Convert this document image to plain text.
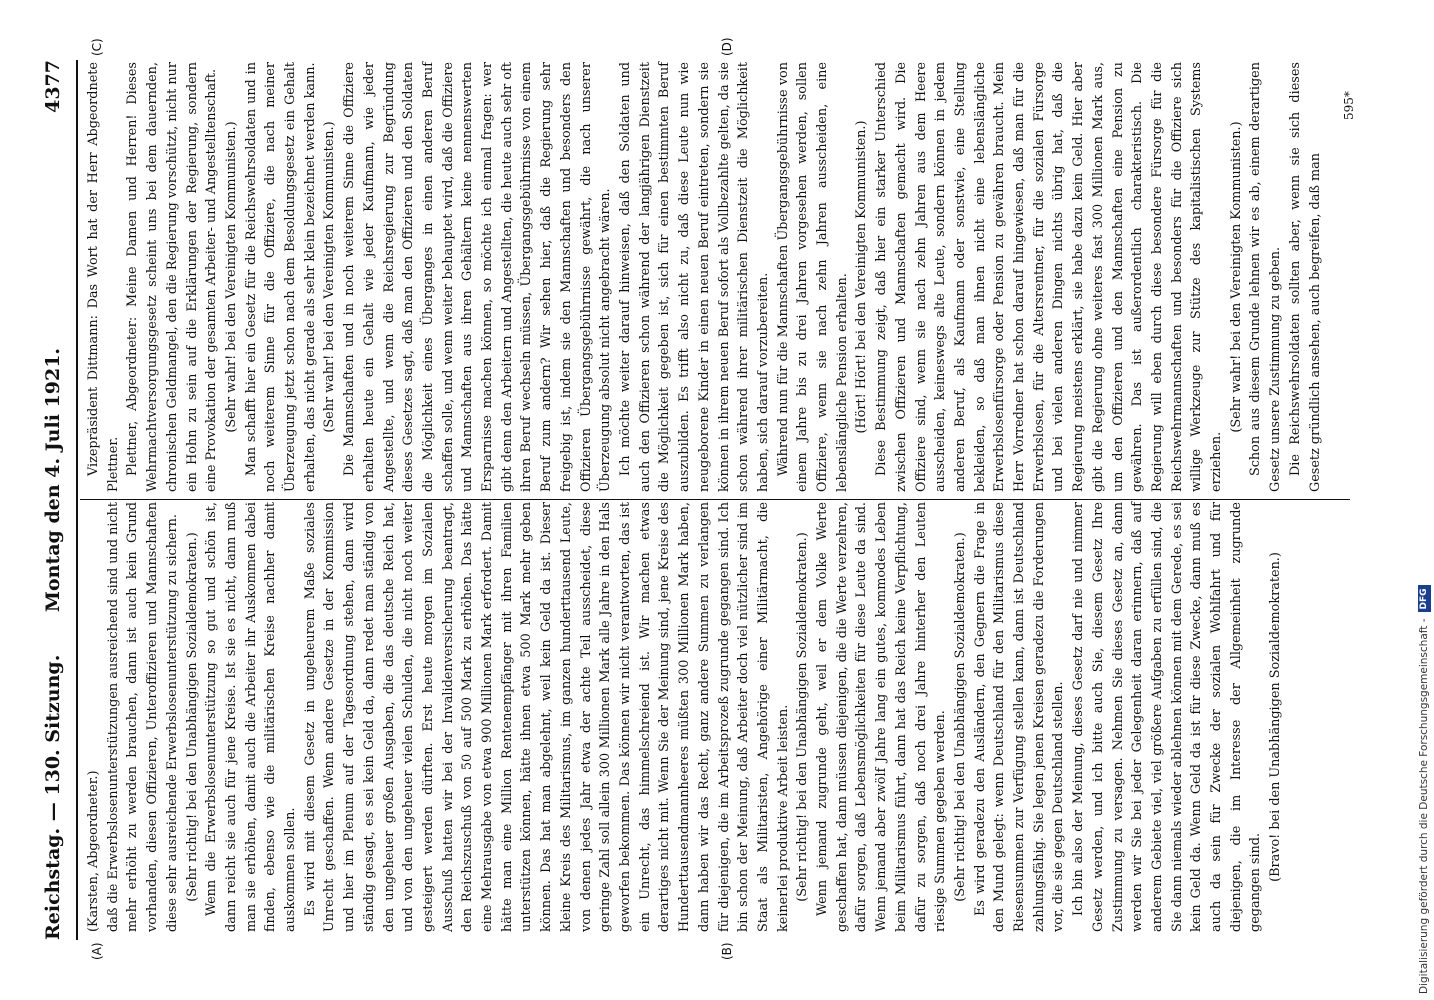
Reichstag. — 130. Sitzung.
Montag den 4. Juli 1921.
4377
(A)	(B)
(C)	(D)

(Karsten, Abgeordneter.) daß die Erwerbslosenunterstützungen ausreichend sind und nicht mehr erhöht zu werden brauchen, dann ist auch kein Grund vorhanden, diesen Offizieren, Unteroffizieren und Mannschaften diese sehr ausreichende Erwerbslosenunterstützung zu sichern. (Sehr richtig! bei den Unabhängigen Sozialdemokraten.) Wenn die Erwerbslosenunterstützung so gut und schön ist, dann reicht sie auch für jene Kreise. Ist sie es nicht, dann muß man sie erhöhen, damit auch die Arbeiter ihr Auskommen dabei finden, ebenso wie die militärischen Kreise nachher damit auskommen sollen. Es wird mit diesem Gesetz in ungeheurem Maße soziales Unrecht geschaffen. Wenn andere Gesetze in der Kommission und hier im Plenum auf der Tagesordnung stehen, dann wird ständig gesagt, es sei kein Geld da, dann redet man ständig von den ungeheuer großen Ausgaben, die das deutsche Reich hat, und von den ungeheuer vielen Schulden, die nicht noch weiter gesteigert werden dürften. Erst heute morgen im Sozialen Ausschuß hatten wir bei der Invalidenversicherung beantragt, den Reichszuschuß von 50 auf 500 Mark zu erhöhen. Das hätte eine Mehrausgabe von etwa 900 Millionen Mark erfordert. Damit hätte man eine Million Rentenempfänger mit ihren Familien unterstützen können, hätte ihnen etwa 500 Mark mehr geben können. Das hat man abgelehnt, weil kein Geld da ist. Dieser kleine Kreis des Militarismus, im ganzen hunderttausend Leute, von denen jedes Jahr etwa der achte Teil ausscheidet, diese geringe Zahl soll allein 300 Millionen Mark alle Jahre in den Hals geworfen bekommen. Das können wir nicht verantworten, das ist ein Unrecht, das himmelschreiend ist. Wir machen etwas derartiges nicht mit. Wenn Sie der Meinung sind, jene Kreise des Hunderttausendmannheeres müßten 300 Millionen Mark haben, dann haben wir das Recht, ganz andere Summen zu verlangen für diejenigen, die im Arbeitsprozeß zugrunde gegangen sind. Ich bin schon der Meinung, daß Arbeiter doch viel nützlicher sind im Staat als Militaristen, Angehörige einer Militärmacht, die keinerlei produktive Arbeit leisten. (Sehr richtig! bei den Unabhängigen Sozialdemokraten.) Wenn jemand zugrunde geht, weil er dem Volke Werte geschaffen hat, dann müssen diejenigen, die die Werte verzehren, dafür sorgen, daß Lebensmöglichkeiten für diese Leute da sind. Wenn jemand aber zwölf Jahre lang ein gutes, kommodes Leben beim Militarismus führt, dann hat das Reich keine Verpflichtung, dafür zu sorgen, daß noch drei Jahre hinterher den Leuten riesige Summen gegeben werden. (Sehr richtig! bei den Unabhängigen Sozialdemokraten.) Es wird geradezu den Ausländern, den Gegnern die Frage in den Mund gelegt: wenn Deutschland für den Militarismus diese Riesensummen zur Verfügung stellen kann, dann ist Deutschland zahlungsfähig. Sie legen jenen Kreisen geradezu die Forderungen vor, die sie gegen Deutschland stellen. Ich bin also der Meinung, dieses Gesetz darf nie und nimmer Gesetz werden, und ich bitte auch Sie, diesem Gesetz Ihre Zustimmung zu versagen. Nehmen Sie dieses Gesetz an, dann werden wir Sie bei jeder Gelegenheit daran erinnern, daß auf anderem Gebiete viel, viel größere Aufgaben zu erfüllen sind, die Sie dann niemals wieder ablehnen können mit dem Gerede, es sei kein Geld da. Wenn Geld da ist für diese Zwecke, dann muß es auch da sein für Zwecke der sozialen Wohlfahrt und für diejenigen, die im Interesse der Allgemeinheit zugrunde gegangen sind.

(Bravo! bei den Unabhängigen Sozialdemokraten.)

Vizepräsident Dittmann: Das Wort hat der Herr Abgeordnete Plettner. Plettner, Abgeordneter: Meine Damen und Herren! Dieses Wehrmachtversorgungsgesetz scheint uns bei dem dauernden, chronischen Geldmangel, den die Regierung vorschützt, nicht nur ein Hohn zu sein auf die Erklärungen der Regierung, sondern eine Provokation der gesamten Arbeiter- und Angestelltenschaft. (Sehr wahr! bei den Vereinigten Kommunisten.) Man schafft hier ein Gesetz für die Reichswehrsoldaten und in noch weiterem Sinne für die Offiziere, die nach meiner Überzeugung jetzt schon nach dem Besoldungsgesetz ein Gehalt erhalten, das nicht gerade als sehr klein bezeichnet werden kann. (Sehr wahr! bei den Vereinigten Kommunisten.) Die Mannschaften und in noch weiterem Sinne die Offiziere erhalten heute ein Gehalt wie jeder Kaufmann, wie jeder Angestellte, und wenn die Reichsregierung zur Begründung dieses Gesetzes sagt, daß man den Offizieren und den Soldaten die Möglichkeit eines Überganges in einen anderen Beruf schaffen solle, und wenn weiter behauptet wird, daß die Offiziere und Mannschaften aus ihren Gehältern keine nennenswerten Ersparnisse machen können, so möchte ich einmal fragen: wer gibt denn den Arbeitern und Angestellten, die heute auch sehr oft ihren Beruf wechseln müssen, Übergangsgebührnisse von einem Beruf zum andern? Wir sehen hier, daß die Regierung sehr freigebig ist, indem sie den Mannschaften und besonders den Offizieren Übergangsgebührnisse gewährt, die nach unserer Überzeugung absolut nicht angebracht wären. Ich möchte weiter darauf hinweisen, daß den Soldaten und auch den Offizieren schon während der langjährigen Dienstzeit die Möglichkeit gegeben ist, sich für einen bestimmten Beruf auszubilden. Es trifft also nicht zu, daß diese Leute nun wie neugeborene Kinder in einen neuen Beruf eintreten, sondern sie können in ihrem neuen Beruf sofort als Vollbezahlte gelten, da sie schon während ihrer militärischen Dienstzeit die Möglichkeit haben, sich darauf vorzubereiten. Während nun für die Mannschaften Übergangsgebührnisse von einem Jahre bis zu drei Jahren vorgesehen werden, sollen Offiziere, wenn sie nach zehn Jahren ausscheiden, eine lebenslängliche Pension erhalten. (Hört! Hört! bei den Vereinigten Kommunisten.) Diese Bestimmung zeigt, daß hier ein starker Unterschied zwischen Offizieren und Mannschaften gemacht wird. Die Offiziere sind, wenn sie nach zehn Jahren aus dem Heere ausscheiden, keineswegs alte Leute, sondern können in jedem anderen Beruf, als Kaufmann oder sonstwie, eine Stellung bekleiden, so daß man ihnen nicht eine lebenslängliche Erwerbslosenfürsorge oder Pension zu gewähren braucht. Mein Herr Vorredner hat schon darauf hingewiesen, daß man für die Erwerbslosen, für die Altersrentner, für die sozialen Fürsorge und bei vielen anderen Dingen nichts übrig hat, daß die Regierung meistens erklärt, sie habe dazu kein Geld. Hier aber gibt die Regierung ohne weiteres fast 300 Millionen Mark aus, um den Offizieren und den Mannschaften eine Pension zu gewähren. Das ist außerordentlich charakteristisch. Die Regierung will eben durch diese besondere Fürsorge für die Reichswehrmannschaften und besonders für die Offiziere sich willige Werkzeuge zur Stütze des kapitalistischen Systems erziehen.

(Sehr wahr! bei den Vereinigten Kommunisten.) Schon aus diesem Grunde lehnen wir es ab, einem derartigen Gesetz unsere Zustimmung zu geben. Die Reichswehrsoldaten sollten aber, wenn sie sich dieses Gesetz gründlich ansehen, auch begreifen, daß man

595*
Digitalisierung gefördert durch die Deutsche Forschungsgemeinschaft -DFG
